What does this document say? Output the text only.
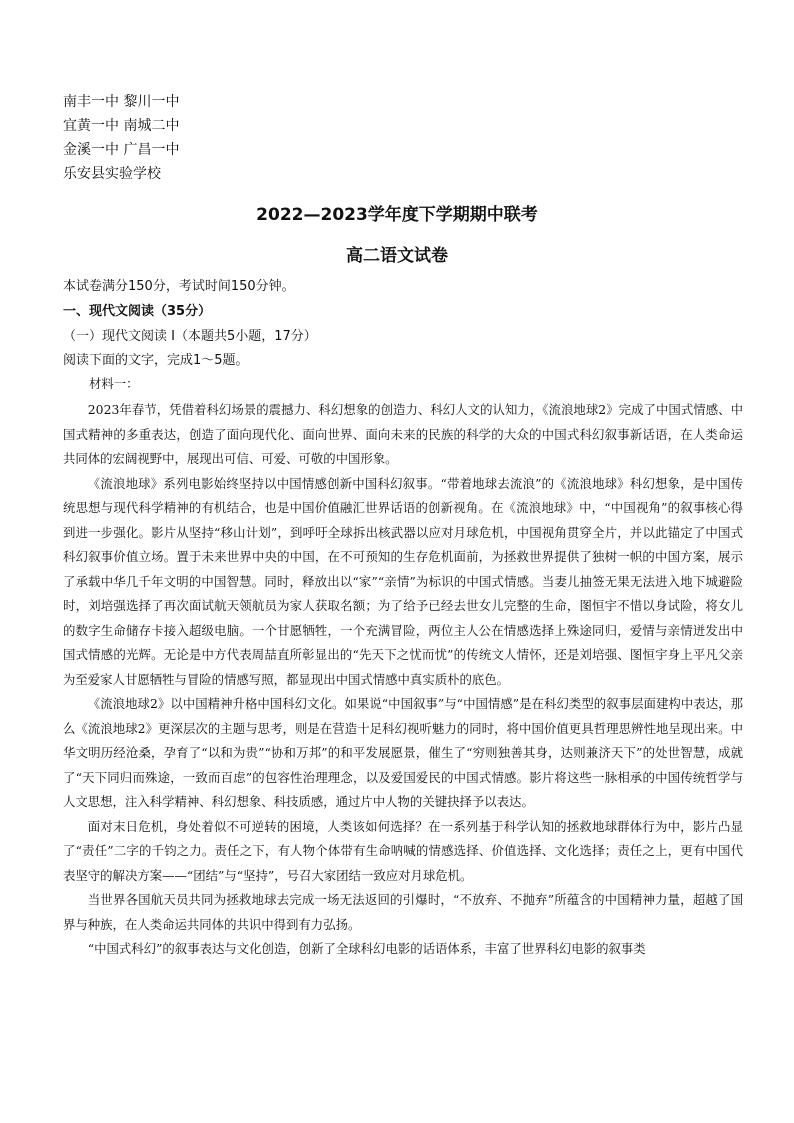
南丰一中 黎川一中
宜黄一中 南城二中
金溪一中 广昌一中
乐安县实验学校
2022—2023学年度下学期期中联考
高二语文试卷
本试卷满分150分，考试时间150分钟。
一、现代文阅读（35分）
（一）现代文阅读 I（本题共5小题，17分）
阅读下面的文字，完成1～5题。
材料一：

2023年春节，凭借着科幻场景的震撼力、科幻想象的创造力、科幻人文的认知力，《流浪地球2》完成了中国式情感、中国式精神的多重表达，创造了面向现代化、面向世界、面向未来的民族的科学的大众的中国式科幻叙事新话语，在人类命运共同体的宏阔视野中，展现出可信、可爱、可敬的中国形象。

《流浪地球》系列电影始终坚持以中国情感创新中国科幻叙事。“带着地球去流浪”的《流浪地球》科幻想象，是中国传统思想与现代科学精神的有机结合，也是中国价值融汇世界话语的创新视角。在《流浪地球》中，“中国视角”的叙事核心得到进一步强化。影片从坚持“移山计划”，到呼吁全球拆出核武器以应对月球危机，中国视角贯穿全片，并以此锚定了中国式科幻叙事价值立场。置于未来世界中央的中国，在不可预知的生存危机面前，为拯救世界提供了独树一帜的中国方案，展示了承载中华几千年文明的中国智慧。同时，释放出以“家”“亲情”为标识的中国式情感。当妻儿抽签无果无法进入地下城避险时，刘培强选择了再次面试航天领航员为家人获取名额；为了给予已经去世女儿完整的生命，图恒宇不惜以身试险，将女儿的数字生命储存卡接入超级电脑。一个甘愿牺牲，一个充满冒险，两位主人公在情感选择上殊途同归，爱情与亲情迸发出中国式情感的光辉。无论是中方代表周喆直所彰显出的“先天下之忧而忧”的传统文人情怀，还是刘培强、图恒宇身上平凡父亲为至爱家人甘愿牺牲与冒险的情感写照，都显现出中国式情感中真实质朴的底色。

《流浪地球2》以中国精神升格中国科幻文化。如果说“中国叙事”与“中国情感”是在科幻类型的叙事层面建构中表达，那么《流浪地球2》更深层次的主题与思考，则是在营造十足科幻视听魅力的同时，将中国价值更具哲理思辨性地呈现出来。中华文明历经沧桑，孕育了“以和为贵”“协和万邦”的和平发展愿景，催生了“穷则独善其身，达则兼济天下”的处世智慧，成就了“天下同归而殊途，一致而百虑”的包容性治理理念，以及爱国爱民的中国式情感。影片将这些一脉相承的中国传统哲学与人文思想，注入科学精神、科幻想象、科技质感，通过片中人物的关键抉择予以表达。

面对末日危机，身处着似不可逆转的困境，人类该如何选择？在一系列基于科学认知的拯救地球群体行为中，影片凸显了“责任”二字的千钧之力。责任之下，有人物个体带有生命呐喊的情感选择、价值选择、文化选择；责任之上，更有中国代表坚守的解决方案——“团结”与“坚持”，号召大家团结一致应对月球危机。

当世界各国航天员共同为拯救地球去完成一场无法返回的引爆时，“不放弃、不抛弃”所蕴含的中国精神力量，超越了国界与种族，在人类命运共同体的共识中得到有力弘扬。

“中国式科幻”的叙事表达与文化创造，创新了全球科幻电影的话语体系，丰富了世界科幻电影的叙事类
